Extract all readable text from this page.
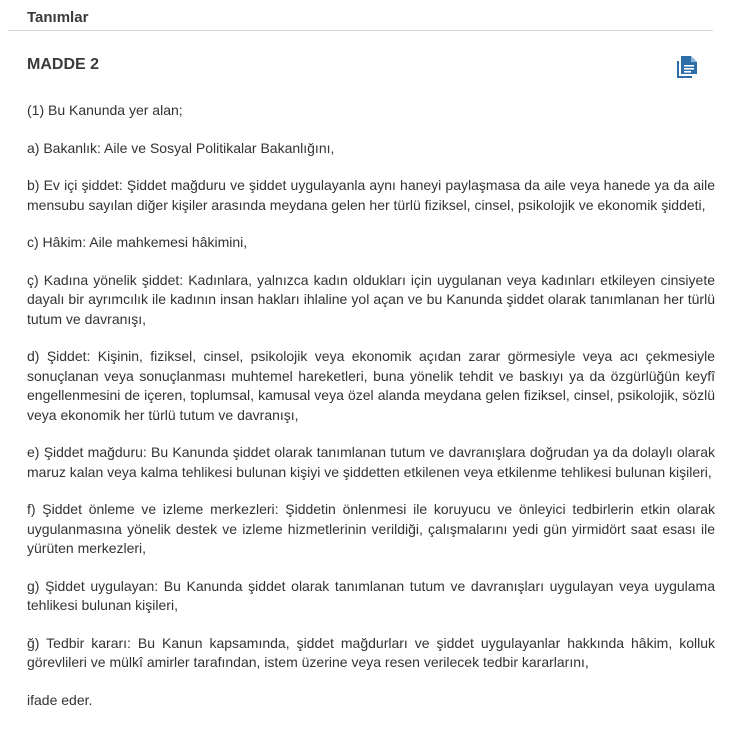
Tanımlar
MADDE 2

(1) Bu Kanunda yer alan;

a) Bakanlık: Aile ve Sosyal Politikalar Bakanlığını,

b) Ev içi şiddet: Şiddet mağduru ve şiddet uygulayanla aynı haneyi paylaşmasa da aile veya hanede ya da aile mensubu sayılan diğer kişiler arasında meydana gelen her türlü fiziksel, cinsel, psikolojik ve ekonomik şiddeti,

c) Hâkim: Aile mahkemesi hâkimini,

ç) Kadına yönelik şiddet: Kadınlara, yalnızca kadın oldukları için uygulanan veya kadınları etkileyen cinsiyete dayalı bir ayrımcılık ile kadının insan hakları ihlaline yol açan ve bu Kanunda şiddet olarak tanımlanan her türlü tutum ve davranışı,

d) Şiddet: Kişinin, fiziksel, cinsel, psikolojik veya ekonomik açıdan zarar görmesiyle veya acı çekmesiyle sonuçlanan veya sonuçlanması muhtemel hareketleri, buna yönelik tehdit ve baskıyı ya da özgürlüğün keyfî engellenmesini de içeren, toplumsal, kamusal veya özel alanda meydana gelen fiziksel, cinsel, psikolojik, sözlü veya ekonomik her türlü tutum ve davranışı,

e) Şiddet mağduru: Bu Kanunda şiddet olarak tanımlanan tutum ve davranışlara doğrudan ya da dolaylı olarak maruz kalan veya kalma tehlikesi bulunan kişiyi ve şiddetten etkilenen veya etkilenme tehlikesi bulunan kişileri,

f) Şiddet önleme ve izleme merkezleri: Şiddetin önlenmesi ile koruyucu ve önleyici tedbirlerin etkin olarak uygulanmasına yönelik destek ve izleme hizmetlerinin verildiği, çalışmalarını yedi gün yirmidört saat esası ile yürüten merkezleri,

g) Şiddet uygulayan: Bu Kanunda şiddet olarak tanımlanan tutum ve davranışları uygulayan veya uygulama tehlikesi bulunan kişileri,

ğ) Tedbir kararı: Bu Kanun kapsamında, şiddet mağdurları ve şiddet uygulayanlar hakkında hâkim, kolluk görevlileri ve mülkî amirler tarafından, istem üzerine veya resen verilecek tedbir kararlarını,

ifade eder.
